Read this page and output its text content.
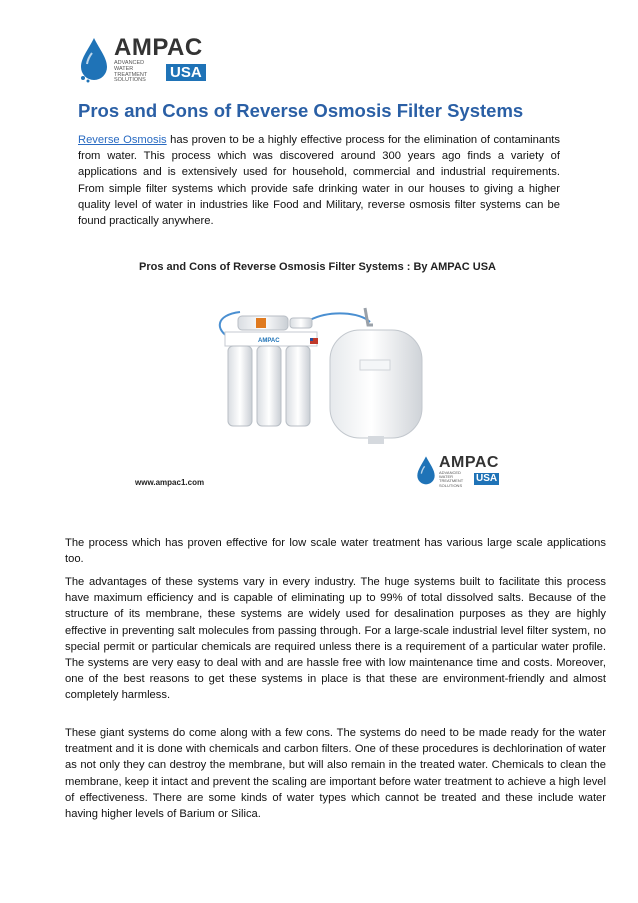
AMPAC
ADVANCED WATER TREATMENT SOLUTIONS	USA
Pros and Cons of Reverse Osmosis Filter Systems

Reverse Osmosis has proven to be a highly effective process for the elimination of contaminants from water. This process which was discovered around 300 years ago finds a variety of applications and is extensively used for household, commercial and industrial requirements. From simple filter systems which provide safe drinking water in our houses to giving a higher quality level of water in industries like Food and Military, reverse osmosis filter systems can be found practically anywhere.

Pros and Cons of Reverse Osmosis Filter Systems : By AMPAC USA

AMPAC

www.ampac1.com

AMPAC
ADVANCED WATER TREATMENT SOLUTIONS
USA

The process which has proven effective for low scale water treatment has various large scale applications too.

The advantages of these systems vary in every industry. The huge systems built to facilitate this process have maximum efficiency and is capable of eliminating up to 99% of total dissolved salts. Because of the structure of its membrane, these systems are widely used for desalination purposes as they are highly effective in preventing salt molecules from passing through. For a large-scale industrial level filter system, no special permit or particular chemicals are required unless there is a requirement of a particular water profile. The systems are very easy to deal with and are hassle free with low maintenance time and costs. Moreover, one of the best reasons to get these systems in place is that these are environment-friendly and almost completely harmless.

These giant systems do come along with a few cons. The systems do need to be made ready for the water treatment and it is done with chemicals and carbon filters. One of these procedures is dechlorination of water as not only they can destroy the membrane, but will also remain in the treated water. Chemicals to clean the membrane, keep it intact and prevent the scaling are important before water treatment to achieve a high level of effectiveness. There are some kinds of water types which cannot be treated and these include water having higher levels of Barium or Silica.
